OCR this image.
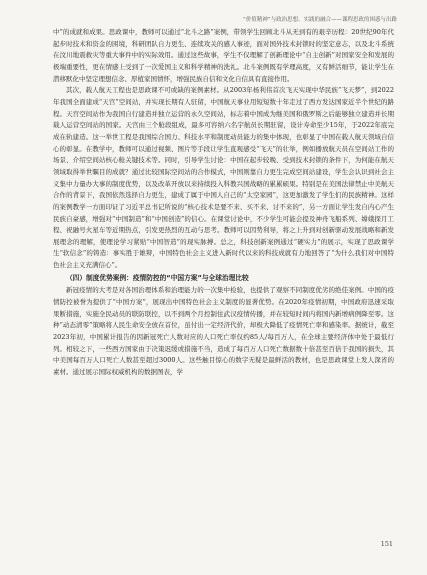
“价值精神”与政治思想、实践的融合——课程思政的困惑与出路

中”的成就和成果。思政课中，教师可以通过“北斗之路”案例，带领学生回顾北斗从无到有的艰辛历程：20世纪90年代起步时技术和资金的困境，科研团队自力更生、连续攻关的感人事迹，面对国外技术封锁时的坚定意志，以及北斗系统在汶川地震救灾等重大事件中的实际效用。通过这些故事，学生不仅理解了创新理论中“自主创新”对国家安全和发展的极端重要性，更在情感上受到了一次爱国主义和科学精神的洗礼。北斗案例既有学理高度，又有鲜活细节，能让学生在潜移默化中坚定理想信念、厚植家国情怀，增强民族自信和文化自信具有直接作用。

其次，载人航天工程也是思政课不可或缺的案例素材。从2003年杨利伟首次飞天实现中华民族“飞天梦”，到2022年我国全面建成“天宫”空间站，并实现长期有人驻留，中国航天事业用短短数十年走过了西方发达国家近半个世纪的路程。天宫空间站作为我国自行建造并独立运营的永久空间站，标志着中国成为继美国和俄罗斯之后能够独立建造并长期载人运营空间站的国家。天宫由三个舱段组成，最多可容纳六名宇航员长期驻留，设计寿命至少15年，于2022年底完成在轨建造。这一举世工程是我国综合国力、科技水平和制度动员能力的集中体现，也彰显了中国在载人航天领域自信心的彰显。在教学中，教师可以通过视频、图片等手段让学生直观感受“飞天”的壮举，例如播放航天员在空间站工作的场景、介绍空间站核心舱关键技术等。同时，引导学生讨论：中国在起步较晚、受到技术封锁的条件下，为何能在航天领域取得举世瞩目的成就？通过比较国际空间站的合作模式，中国则靠自力更生完成空间站建设，学生会认识到社会主义集中力量办大事的制度优势，以及改革开放以来持续投入科教兴国战略的累累硕果。特别是在美国法律禁止中美航天合作的背景下，我国依然选择自力更生，建成了属于中国人自己的“太空家园”，这更加激发了学生们的民族精神。这样的案例教学一方面印证了习近平总书记所说的“核心技术是要不来、买不来、讨不来的”，另一方面让学生发自内心产生民族自豪感，增强对“中国制造”和“中国创造”的信心。在课堂讨论中，不少学生可能会提及神舟飞船系列、嫦娥探月工程、祝融号火星车等近期热点，引发更热烈的互动与思考。教师可以因势利导，将之上升到对创新驱动发展战略和新发展理念的理解，使理论学习紧贴“中国智造”的现实脉搏。总之，科技创新案例通过“硬实力”的展示，实现了思政课学生“软信念”的铸造：事实胜于雄辩，中国特色社会主义进入新时代以来的科技成就有力地回答了“为什么我们对中国特色社会主义充满信心”。

（四）制度优势案例：疫情防控的“中国方案”与全球治理比较

新冠疫情的大考是对各国治理体系和治理能力的一次集中检验，也提供了观察不同制度优劣的绝佳案例。中国的疫情防控被誉为提供了“中国方案”，展现出中国特色社会主义制度的显著优势。在2020年疫情初期，中国政府迅速采取果断措施，实施全民动员的联防联控，以不到两个月控制住武汉疫情传播，并在较短时间内将国内新增病例降至零。这种“动态清零”策略将人民生命安全放在首位，虽付出一定经济代价，却极大降低了疫情死亡率和感染率。据统计，截至2023年初，中国累计报告的因新冠死亡人数对应的人口死亡率仅约85人/每百万人，在全球主要经济体中处于最低行列。相较之下，一些西方国家由于决策迟缓或措施不当，造成了每百万人口死亡数据数十倍甚至百倍于我国的损失，其中美国每百万人口死亡人数甚至超过3000人。这些触目惊心的数字无疑是最鲜活的教材，也是思政课堂上发人深省的素材。通过展示国际权威机构的数据图表，学

151
